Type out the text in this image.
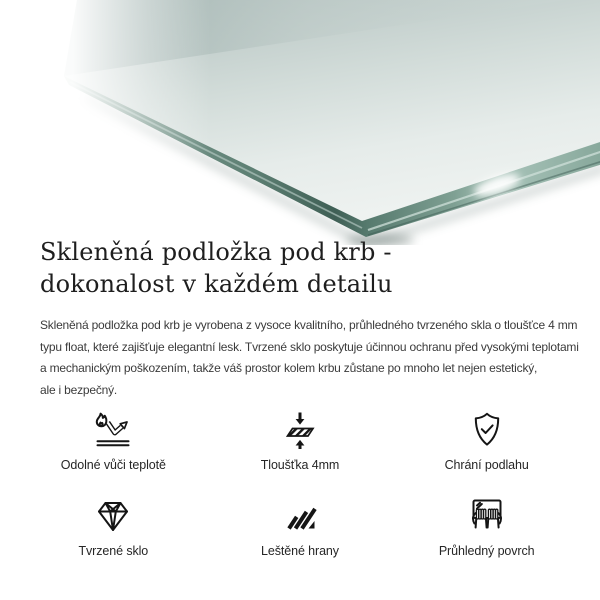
Skleněná podložka pod krb -
dokonalost v každém detailu
Skleněná podložka pod krb je vyrobena z vysoce kvalitního, průhledného tvrzeného skla o tloušťce 4 mm
typu float, které zajišťuje elegantní lesk. Tvrzené sklo poskytuje účinnou ochranu před vysokými teplotami
a mechanickým poškozením, takže váš prostor kolem krbu zůstane po mnoho let nejen estetický,
ale i bezpečný.
Odolné vůči teplotě	Tloušťka 4mm	Chrání podlahu
Tvrzené sklo	Leštěné hrany	Průhledný povrch
